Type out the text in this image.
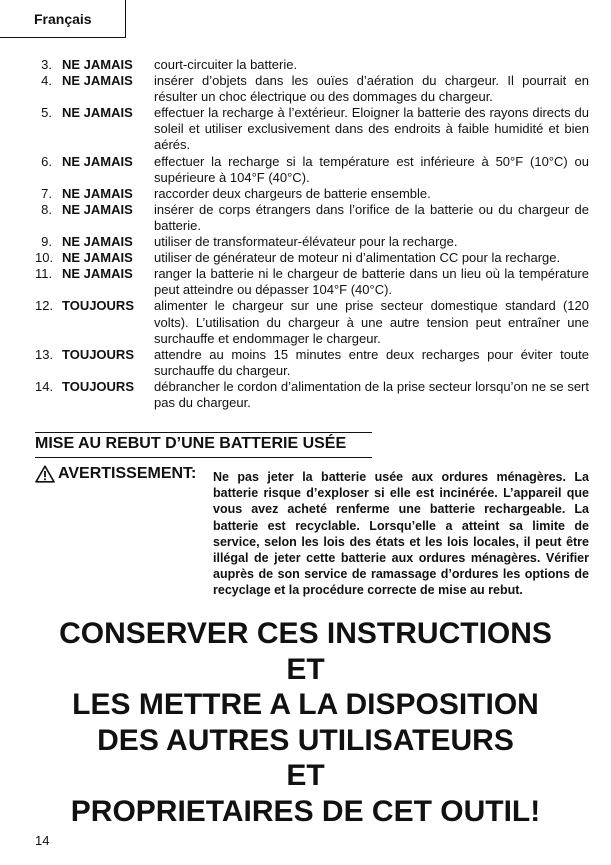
Français
3. NE JAMAIS	court-circuiter la batterie.
4. NE JAMAIS	insérer d’objets dans les ouïes d’aération du chargeur. Il pourrait en résulter un choc électrique ou des dommages du chargeur.
5. NE JAMAIS	effectuer la recharge à l’extérieur. Eloigner la batterie des rayons directs du soleil et utiliser exclusivement dans des endroits à faible humidité et bien aérés.
6. NE JAMAIS	effectuer la recharge si la température est inférieure à 50°F (10°C) ou supérieure à 104°F (40°C).
7. NE JAMAIS	raccorder deux chargeurs de batterie ensemble.
8. NE JAMAIS	insérer de corps étrangers dans l’orifice de la batterie ou du chargeur de batterie.
9. NE JAMAIS	utiliser de transformateur-élévateur pour la recharge.
10. NE JAMAIS	utiliser de générateur de moteur ni d’alimentation CC pour la recharge.
11. NE JAMAIS	ranger la batterie ni le chargeur de batterie dans un lieu où la température peut atteindre ou dépasser 104°F (40°C).
12. TOUJOURS	alimenter le chargeur sur une prise secteur domestique standard (120 volts). L’utilisation du chargeur à une autre tension peut entraîner une surchauffe et endommager le chargeur.
13. TOUJOURS	attendre au moins 15 minutes entre deux recharges pour éviter toute surchauffe du chargeur.
14. TOUJOURS	débrancher le cordon d’alimentation de la prise secteur lorsqu’on ne se sert pas du chargeur.
MISE AU REBUT D’UNE BATTERIE USÉE
AVERTISSEMENT: Ne pas jeter la batterie usée aux ordures ménagères. La batterie risque d’exploser si elle est incinérée. L’appareil que vous avez acheté renferme une batterie rechargeable. La batterie est recyclable. Lorsqu’elle a atteint sa limite de service, selon les lois des états et les lois locales, il peut être illégal de jeter cette batterie aux ordures ménagères. Vérifier auprès de son service de ramassage d’ordures les options de recyclage et la procédure correcte de mise au rebut.
CONSERVER CES INSTRUCTIONS
ET
LES METTRE A LA DISPOSITION
DES AUTRES UTILISATEURS
ET
PROPRIETAIRES DE CET OUTIL!
14
